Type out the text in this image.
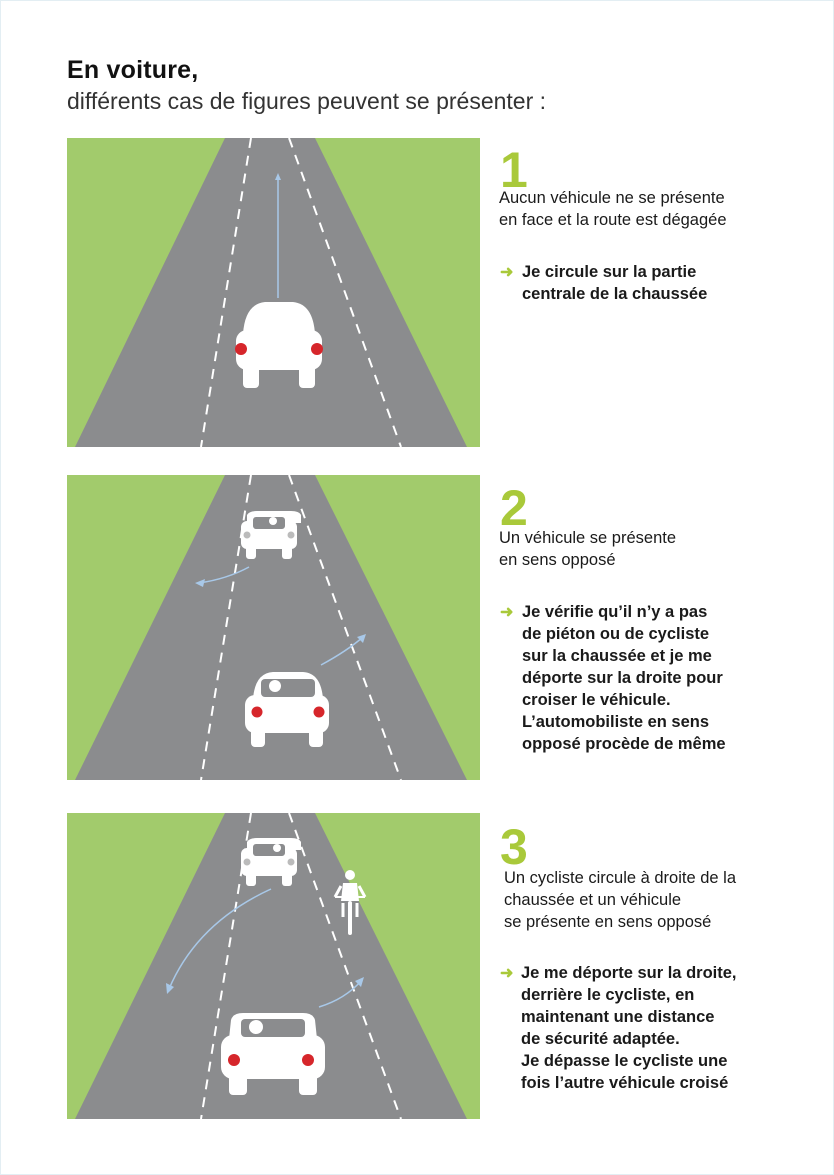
En voiture,
différents cas de figures peuvent se présenter :
1
Aucun véhicule ne se présente
en face et la route est dégagée
➜ Je circule sur la partie
centrale de la chaussée
2
Un véhicule se présente
en sens opposé
➜ Je vérifie qu’il n’y a pas
de piéton ou de cycliste
sur la chaussée et je me
déporte sur la droite pour
croiser le véhicule.
L’automobiliste en sens
opposé procède de même
3
Un cycliste circule à droite de la
chaussée et un véhicule
se présente en sens opposé
➜ Je me déporte sur la droite,
derrière le cycliste, en
maintenant une distance
de sécurité adaptée.
Je dépasse le cycliste une
fois l’autre véhicule croisé
